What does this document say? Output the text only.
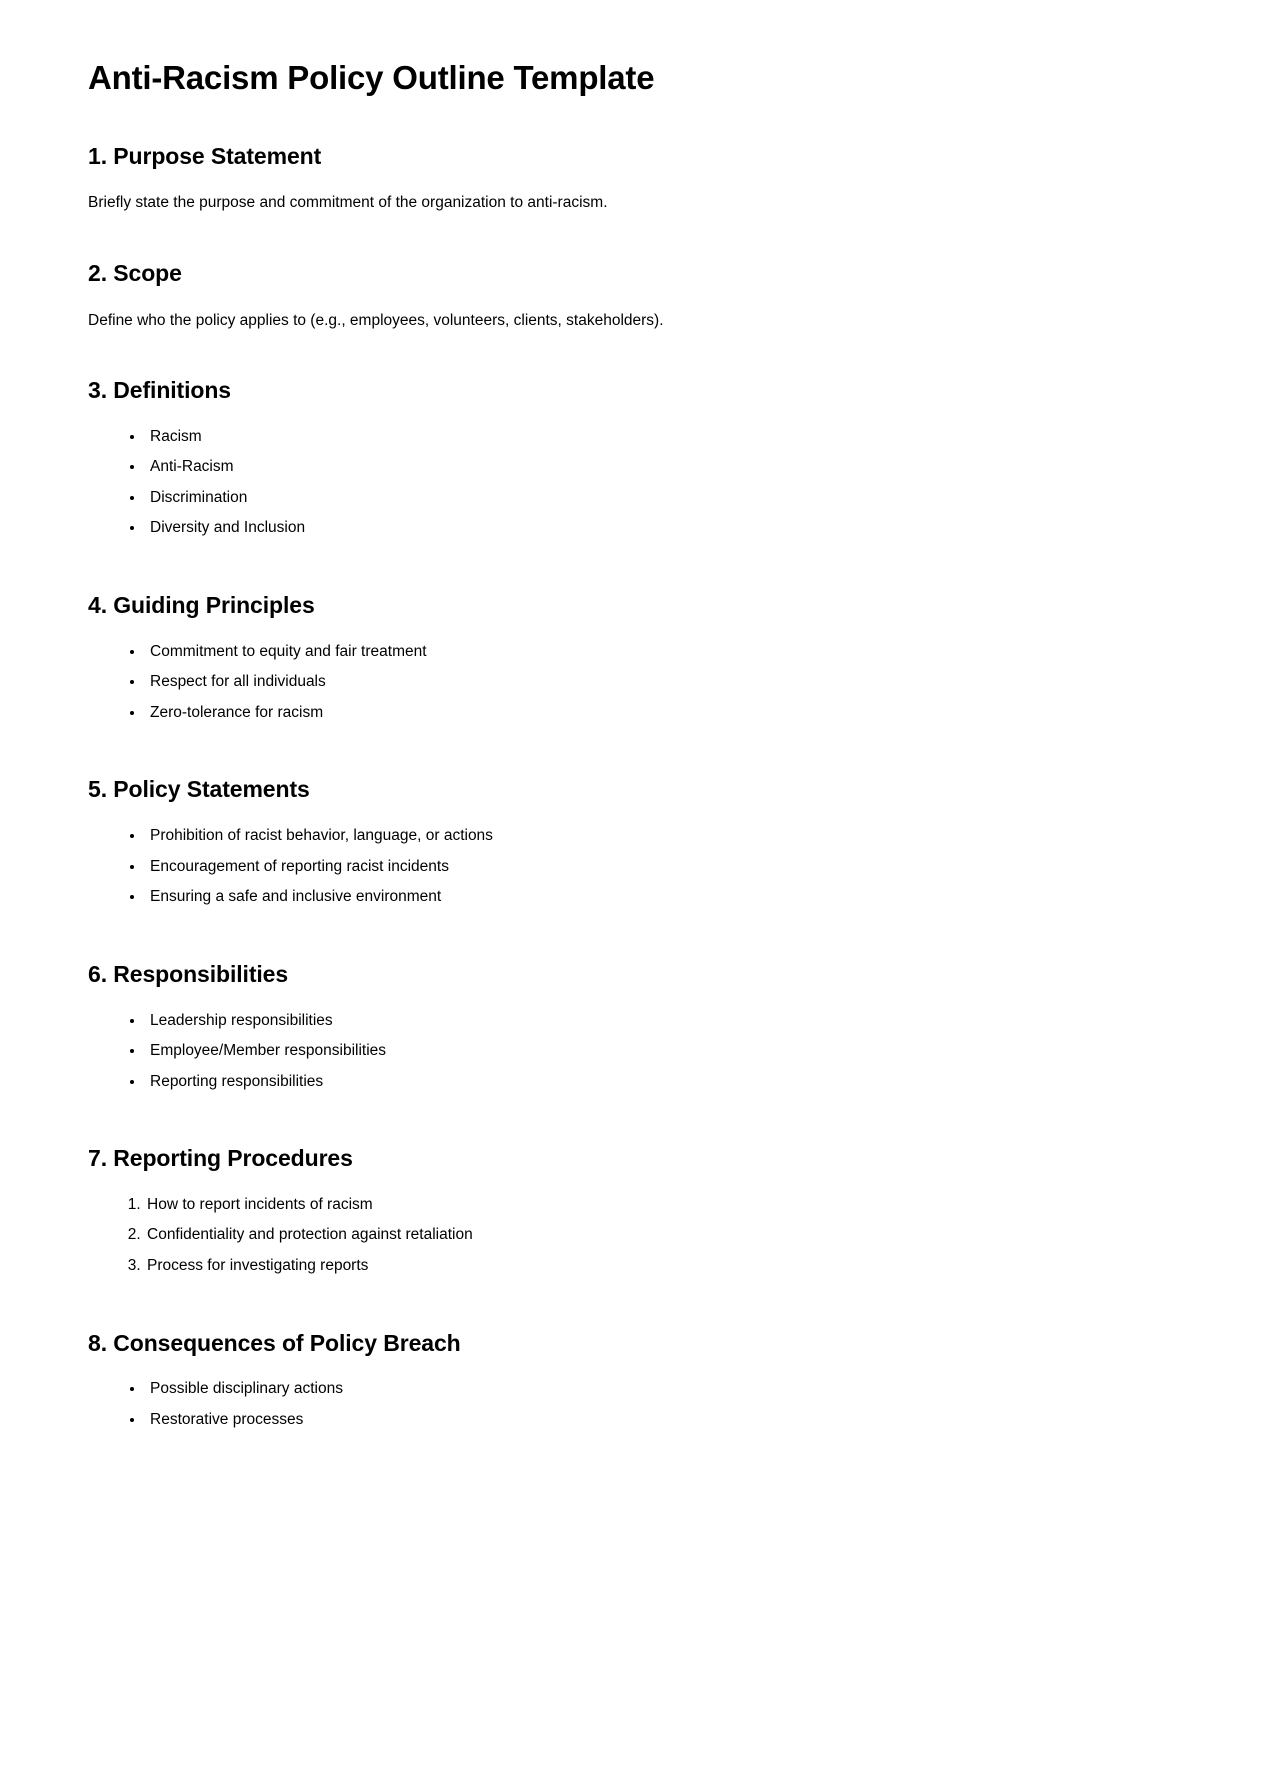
Anti-Racism Policy Outline Template
1. Purpose Statement

Briefly state the purpose and commitment of the organization to anti-racism.

2. Scope

Define who the policy applies to (e.g., employees, volunteers, clients, stakeholders).

3. Definitions
• Racism
• Anti-Racism
• Discrimination
• Diversity and Inclusion
4. Guiding Principles
• Commitment to equity and fair treatment
• Respect for all individuals
• Zero-tolerance for racism
5. Policy Statements
• Prohibition of racist behavior, language, or actions
• Encouragement of reporting racist incidents
• Ensuring a safe and inclusive environment
6. Responsibilities
• Leadership responsibilities
• Employee/Member responsibilities
• Reporting responsibilities
7. Reporting Procedures
1. How to report incidents of racism
2. Confidentiality and protection against retaliation
3. Process for investigating reports
8. Consequences of Policy Breach
• Possible disciplinary actions
• Restorative processes
